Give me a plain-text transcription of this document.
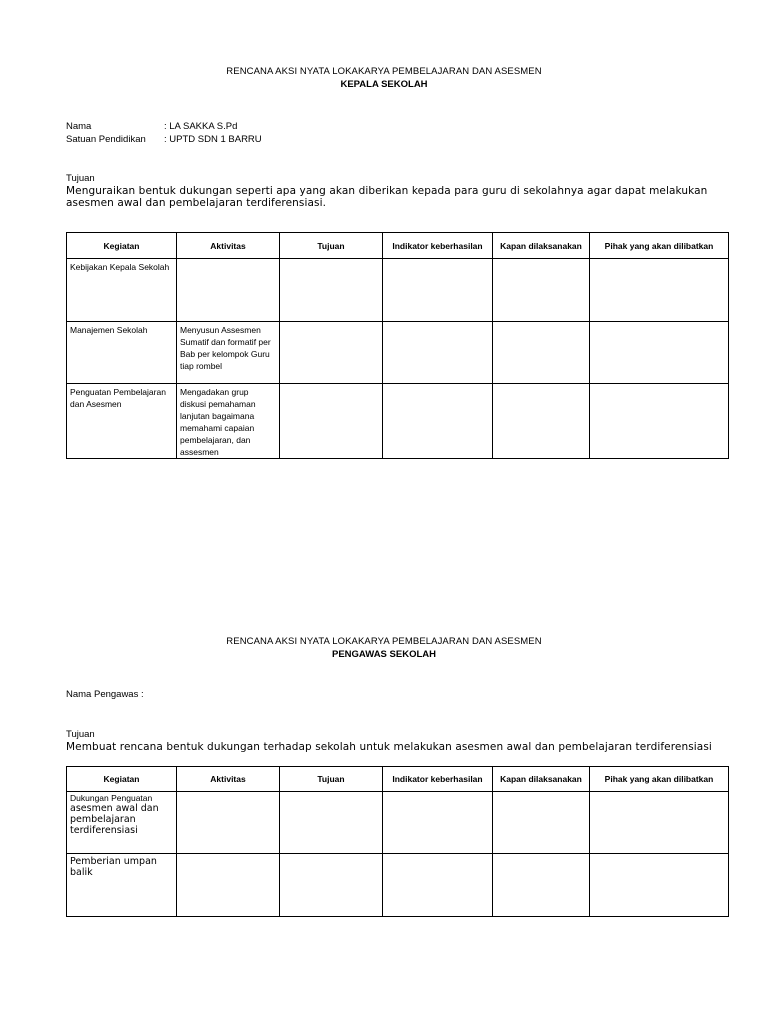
RENCANA AKSI NYATA LOKAKARYA PEMBELAJARAN DAN ASESMEN
KEPALA SEKOLAH
Nama	: LA SAKKA S.Pd
Satuan Pendidikan	: UPTD SDN 1 BARRU
Tujuan
Menguraikan bentuk dukungan seperti apa yang akan diberikan kepada para guru di sekolahnya agar dapat melakukan asesmen awal dan pembelajaran terdiferensiasi.
Kegiatan	Aktivitas	Tujuan	Indikator keberhasilan	Kapan dilaksanakan	Pihak yang akan dilibatkan

Kebijakan Kepala Sekolah					

Manajemen Sekolah	Menyusun Assesmen Sumatif dan formatif per Bab per kelompok Guru tiap rombel				

Penguatan Pembelajaran dan Asesmen	Mengadakan grup diskusi pemahaman lanjutan bagaimana memahami capaian pembelajaran, dan assesmen				

RENCANA AKSI NYATA LOKAKARYA PEMBELAJARAN DAN ASESMEN
PENGAWAS SEKOLAH
Nama Pengawas :
Tujuan
Membuat rencana bentuk dukungan terhadap sekolah untuk melakukan asesmen awal dan pembelajaran terdiferensiasi
Kegiatan	Aktivitas	Tujuan	Indikator keberhasilan	Kapan dilaksanakan	Pihak yang akan dilibatkan

Dukungan Penguatan
asesmen awal dan pembelajaran terdiferensiasi					

Pemberian umpan balik					
